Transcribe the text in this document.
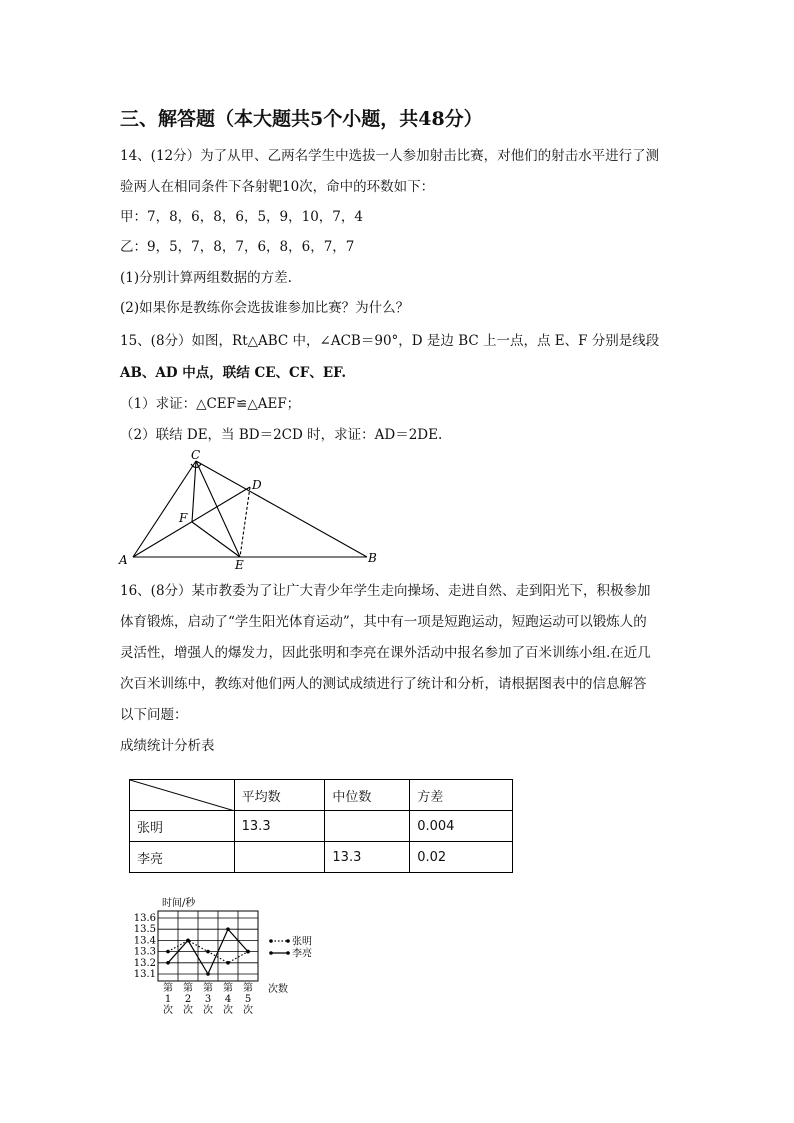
三、解答题（本大题共5个小题，共48分）
14、(12分）为了从甲、乙两名学生中选拔一人参加射击比赛，对他们的射击水平进行了测
验两人在相同条件下各射靶10次，命中的环数如下：
甲：7，8，6，8，6，5，9，10，7，4
乙：9，5，7，8，7，6，8，6，7，7
(1)分别计算两组数据的方差.
(2)如果你是教练你会选拔谁参加比赛？为什么？
15、(8分）如图，Rt△ABC 中，∠ACB＝90°，D 是边 BC 上一点，点 E、F 分别是线段
AB、AD 中点，联结 CE、CF、EF.
（1）求证：△CEF≌△AEF；
（2）联结 DE，当 BD＝2CD 时，求证：AD＝2DE.
C
D
F
A	E	B
16、(8分）某市教委为了让广大青少年学生走向操场、走进自然、走到阳光下，积极参加
体育锻炼，启动了“学生阳光体育运动”，其中有一项是短跑运动，短跑运动可以锻炼人的
灵活性，增强人的爆发力，因此张明和李亮在课外活动中报名参加了百米训练小组.在近几
次百米训练中，教练对他们两人的测试成绩进行了统计和分析，请根据图表中的信息解答
以下问题：
成绩统计分析表
	平均数	中位数	方差
张明	13.3		0.004
李亮		13.3	0.02
13.6
13.5
13.4
13.3
13.2
13.1
第 1 次
第 2 次
第 3 次
第 4 次
第 5 次
张明
李亮
时间/秒
次数
